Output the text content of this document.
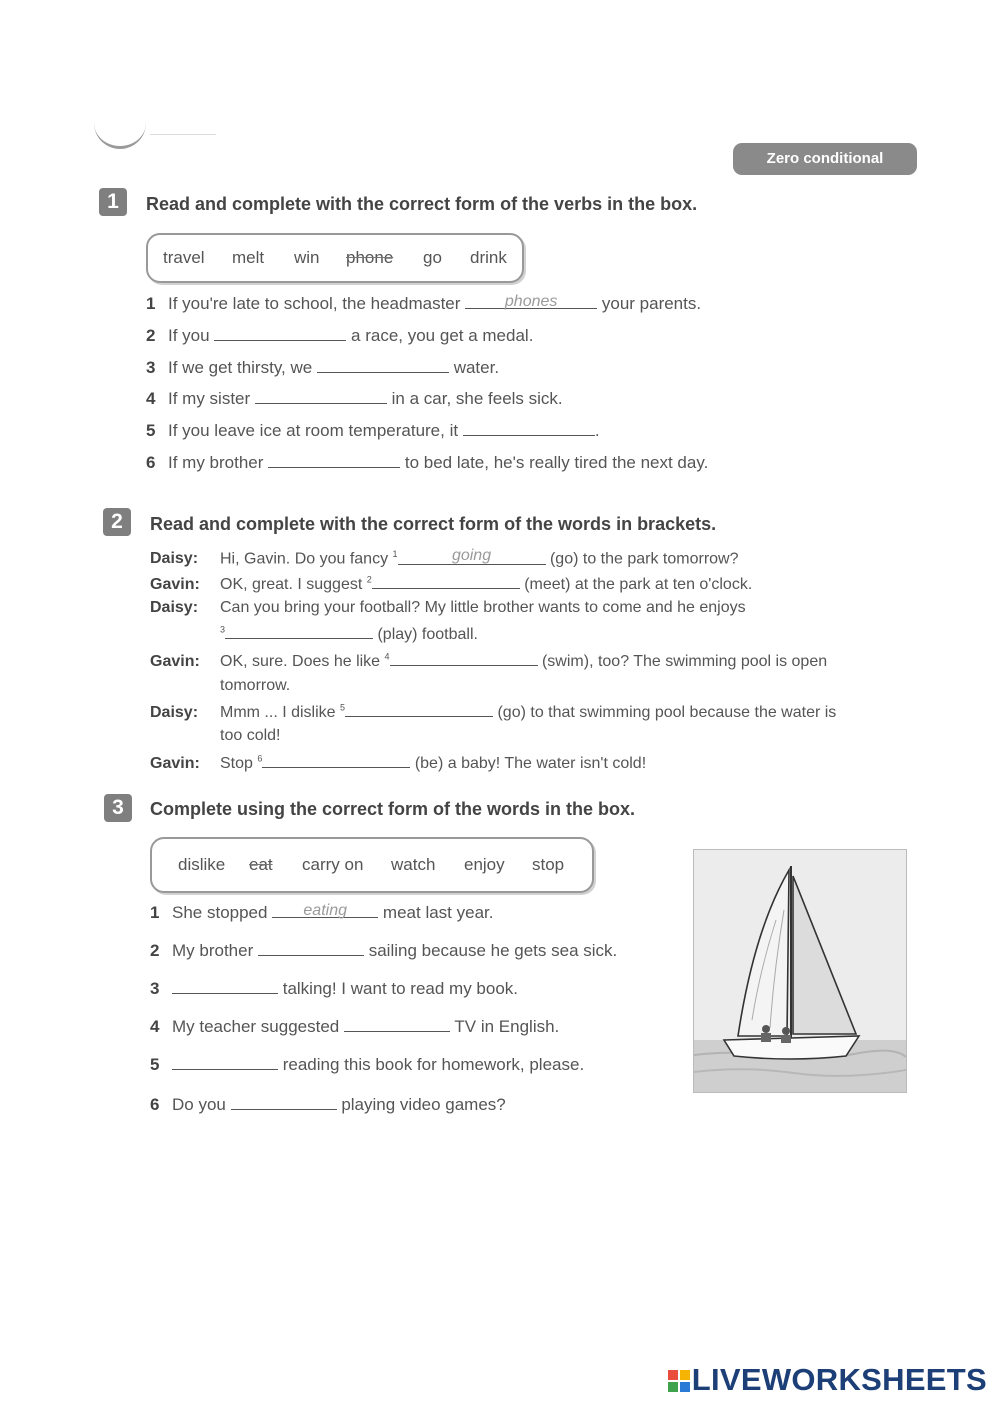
Zero conditional
1	Read and complete with the correct form of the verbs in the box.
travel melt win phone go drink
1 If you're late to school, the headmaster phones your parents.
2 If you	a race, you get a medal.
3 If we get thirsty, we	water.
4 If my sister	in a car, she feels sick.
5 If you leave ice at room temperature, it	.
6 If my brother	to bed late, he's really tired the next day.
2	Read and complete with the correct form of the words in brackets.
Daisy: Hi, Gavin. Do you fancy $^1$	going	(go) to the park tomorrow?
Gavin: OK, great. I suggest $^2$	(meet) at the park at ten o'clock.
Daisy: Can you bring your football? My little brother wants to come and he enjoys
$^3$	(play) football.
Gavin: OK, sure. Does he like $^4$	(swim), too? The swimming pool is open
tomorrow.
Daisy: Mmm ... I dislike $^5$	(go) to that swimming pool because the water is
too cold!
Gavin: Stop $^6$	(be) a baby! The water isn't cold!
3	Complete using the correct form of the words in the box.
dislike eat carry on watch enjoy stop
1 She stopped eating meat last year.
2 My brother	sailing because he gets sea sick.
3	talking! I want to read my book.
4 My teacher suggested	TV in English.
5	reading this book for homework, please.
6 Do you	playing video games?
LIVEWORKSHEETS
